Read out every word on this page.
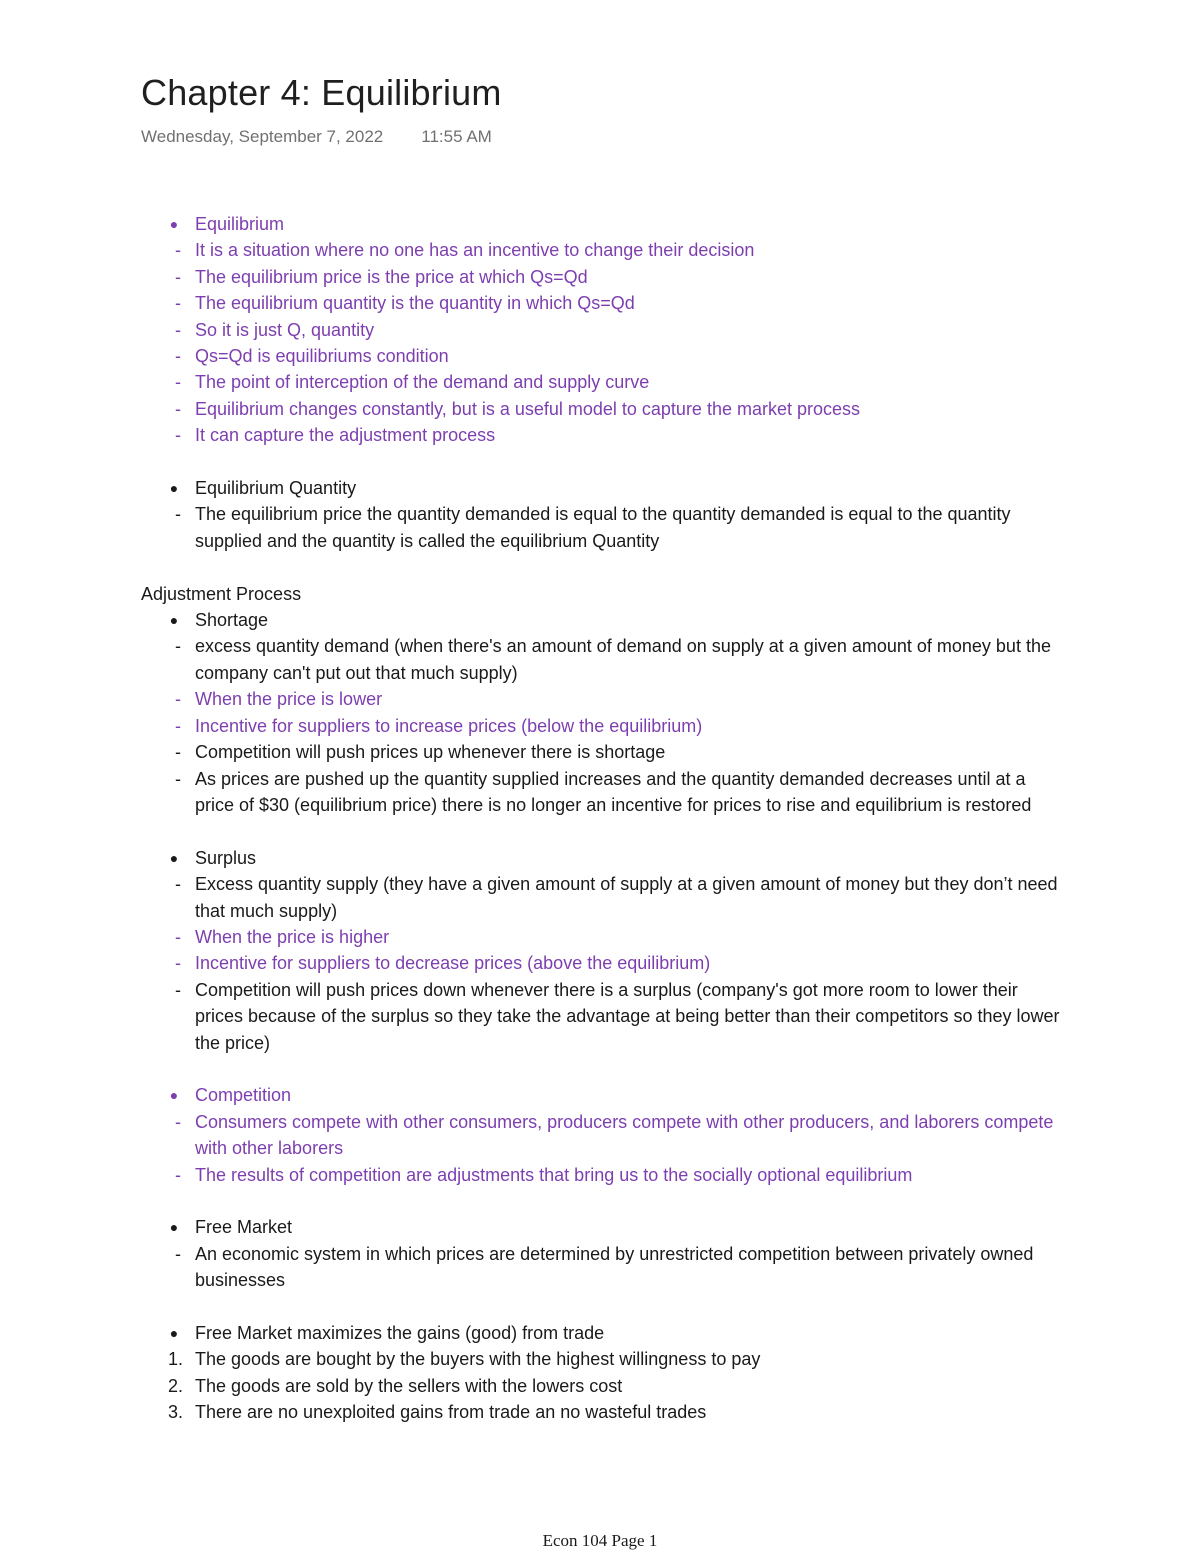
Chapter 4: Equilibrium
Wednesday, September 7, 2022 11:55 AM
● Equilibrium
- It is a situation where no one has an incentive to change their decision
- The equilibrium price is the price at which Qs=Qd
- The equilibrium quantity is the quantity in which Qs=Qd
- So it is just Q, quantity
- Qs=Qd is equilibriums condition
- The point of interception of the demand and supply curve
- Equilibrium changes constantly, but is a useful model to capture the market process
- It can capture the adjustment process
● Equilibrium Quantity
- The equilibrium price the quantity demanded is equal to the quantity demanded is equal to the quantity supplied and the quantity is called the equilibrium Quantity
Adjustment Process
● Shortage
- excess quantity demand (when there's an amount of demand on supply at a given amount of money but the company can't put out that much supply)
- When the price is lower
- Incentive for suppliers to increase prices (below the equilibrium)
- Competition will push prices up whenever there is shortage
- As prices are pushed up the quantity supplied increases and the quantity demanded decreases until at a price of $30 (equilibrium price) there is no longer an incentive for prices to rise and equilibrium is restored
● Surplus
- Excess quantity supply (they have a given amount of supply at a given amount of money but they don’t need that much supply)
- When the price is higher
- Incentive for suppliers to decrease prices (above the equilibrium)
- Competition will push prices down whenever there is a surplus (company's got more room to lower their prices because of the surplus so they take the advantage at being better than their competitors so they lower the price)
● Competition
- Consumers compete with other consumers, producers compete with other producers, and laborers compete with other laborers
- The results of competition are adjustments that bring us to the socially optional equilibrium
● Free Market
- An economic system in which prices are determined by unrestricted competition between privately owned businesses
● Free Market maximizes the gains (good) from trade
1. The goods are bought by the buyers with the highest willingness to pay
2. The goods are sold by the sellers with the lowers cost
3. There are no unexploited gains from trade an no wasteful trades
Econ 104 Page 1
